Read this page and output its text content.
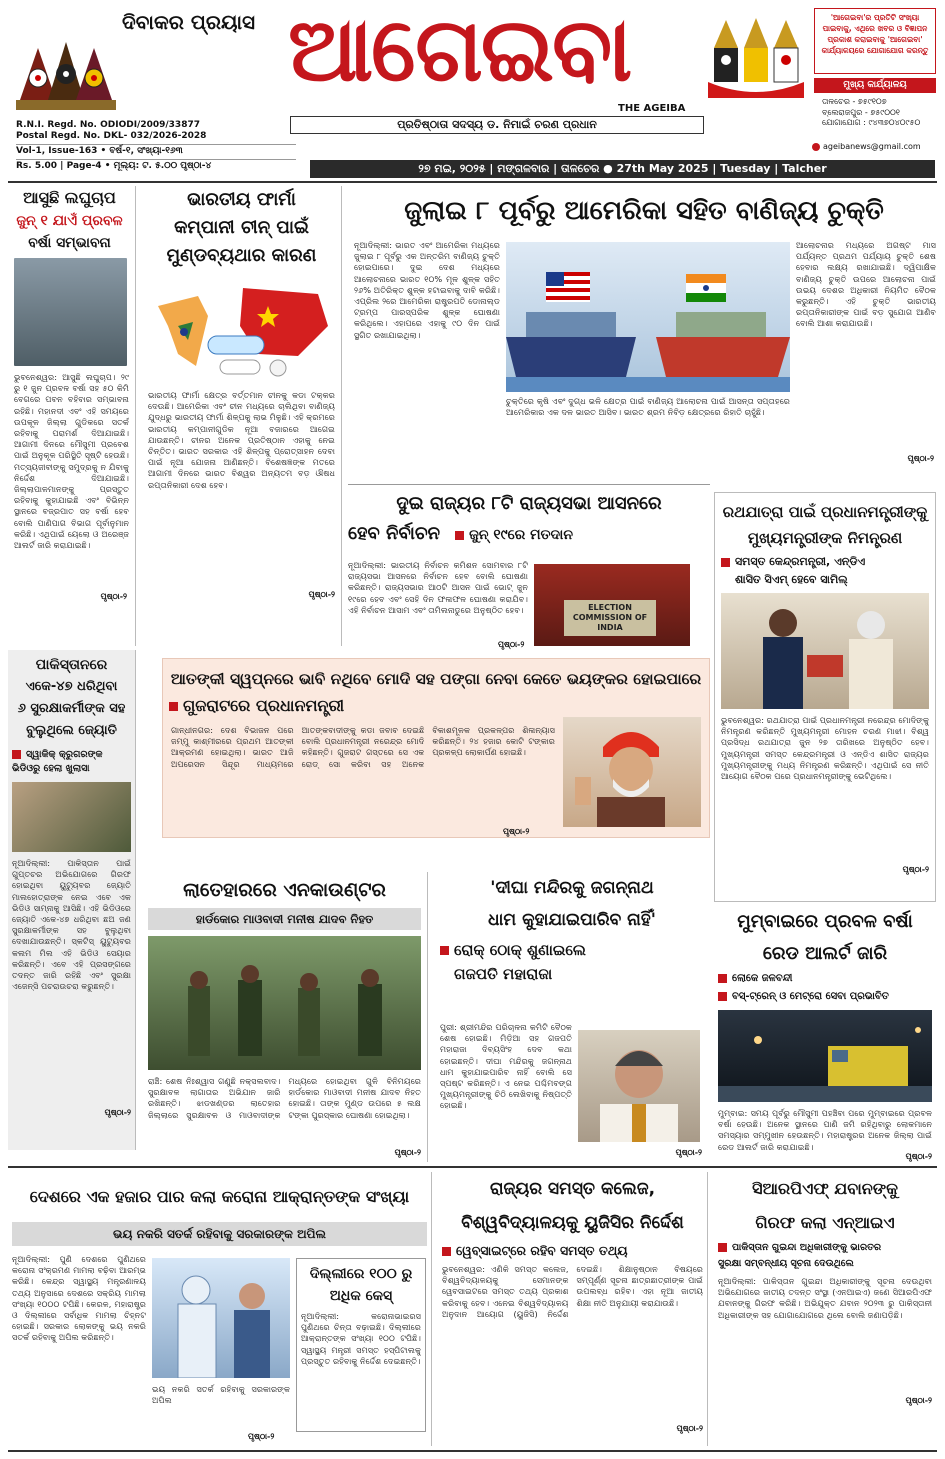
ଦିବାକର ପ୍ରୟାସ ଆଗେଇବା
THE AGEIBA
ପ୍ରତିଷ୍ଠାତା ସଦସ୍ୟ ଡ. ନିମାଇଁ ଚରଣ ପ୍ରଧାନ
'ଆଗେଇବା'ର ପ୍ରତିଟି ସଂଖ୍ୟା ପାଇବାକୁ, ଏଥିରେ ଖବର ଓ ବିଜ୍ଞାପନ ପ୍ରକାଶ କରାଇବାକୁ 'ଆଗେଇବା' କାର୍ଯ୍ୟାଳୟରେ ଯୋଗାଯୋଗ କରନ୍ତୁ
ମୁଖ୍ୟ କାର୍ଯ୍ୟାଳୟ
ତାଳଚେର - ୭୫୯୧୦୭
ବ୍ଲେରାଜପୁର - ୭୫୯୦୦୧
ଯୋଗାଯୋଗ : ୯୪୩୭୦୪୦୯୫୦
ageibanews@gmail.com
R.N.I. Regd. No. ODIODI/2009/33877
Postal Regd. No. DKL- 032/2026-2028
Vol-1, Issue-163 • ବର୍ଷ-୧, ସଂଖ୍ୟା-୧୬୩
Rs. 5.00 | Page-4 • ମୂଲ୍ୟ: ଟ. ୫.୦୦ ପୃଷ୍ଠା-୪	୨୭ ମଇ, ୨୦୨୫ | ମଙ୍ଗଳବାର | ତାଳଚେର ● 27th May 2025 | Tuesday | Talcher
ଆସୁଛି ଲଘୁଚାପ
ଜୁନ୍ ୧ ଯାଏଁ ପ୍ରବଳ
ବର୍ଷା ସମ୍ଭାବନା
ଭୁବନେଶ୍ୱର: ଆସୁଛି ଲଘୁଚାପ। ୨୯ ରୁ ୧ ଜୁନ ପ୍ରବଳ ବର୍ଷା ସହ ୫୦ କିମି ବେଗରେ ପବନ ବହିବାର ସମ୍ଭାବନା ରହିଛି। ମହାନଦୀ ଏବଂ ଏହି ସମୟରେ ଉପକୂଳ ଜିଲ୍ଲା ଗୁଡିକରେ ସତର୍କ ରହିବାକୁ ପରାମର୍ଶ ଦିଆଯାଇଛି। ଆଗାମୀ ଦିନରେ ମୌସୁମୀ ପ୍ରବେଶ ପାଇଁ ଅନୁକୂଳ ପରିସ୍ଥିତି ସୃଷ୍ଟି ହେଉଛି। ମତ୍ସ୍ୟଜୀବୀଙ୍କୁ ସମୁଦ୍ରକୁ ନ ଯିବାକୁ ନିର୍ଦ୍ଦେଶ ଦିଆଯାଇଛି। ଜିଲ୍ଲାପାଳମାନଙ୍କୁ ପ୍ରସ୍ତୁତ ରହିବାକୁ କୁହାଯାଇଛି ଏବଂ ବିଭିନ୍ନ ସ୍ଥାନରେ ବଜ୍ରପାତ ସହ ବର୍ଷା ହେବ ବୋଲି ପାଣିପାଗ ବିଭାଗ ପୂର୍ବାନୁମାନ କରିଛି। ଏଥିପାଇଁ ୟେଲୋ ଓ ଅରେଞ୍ଜ ଆଲର୍ଟ ଜାରି କରାଯାଇଛି।
ପୃଷ୍ଠା-୨
ପାକିସ୍ତାନରେ
ଏକେ-୪୭ ଧରିଥିବା
୬ ସୁରକ୍ଷାକର୍ମୀଙ୍କ ସହ
ବୁଲୁଥିଲେ ଜ୍ୟୋତି
ସ୍ୱାକିକ୍ କ୍ରୁଗରଙ୍କ ଭିଡିଓରୁ ହେଲା ଖୁଲାସା
ନୂଆଦିଲ୍ଲୀ: ପାକିସ୍ତାନ ପାଇଁ ଗୁପ୍ତଚର ଅଭିଯୋଗରେ ଗିରଫ ହୋଇଥିବା ୟୁଟ୍ୟୁବର ଜ୍ୟୋତି ମାଲହୋତ୍ରାଙ୍କ ନେଇ ଏବେ ଏକ ଭିଡିଓ ସାମ୍ନାକୁ ଆସିଛି। ଏହି ଭିଡିଓରେ ଜ୍ୟୋତି ଏକେ-୪୭ ଧରିଥିବା ଛଅ ଜଣ ସୁରକ୍ଷାକର୍ମୀଙ୍କ ସହ ବୁଲୁଥିବା ଦେଖାଯାଉଛନ୍ତି। ସ୍କଟିସ୍ ୟୁଟ୍ୟୁବର କଲମ ମିଲ ଏହି ଭିଡିଓ ସେୟାର କରିଛନ୍ତି। ଏବେ ଏହି ପ୍ରସଙ୍ଗରେ ତଦନ୍ତ ଜାରି ରହିଛି ଏବଂ ସୁରକ୍ଷା ଏଜେନ୍ସି ପଚରାଉଚରା କରୁଛନ୍ତି।
ପୃଷ୍ଠା-୨
ଭାରତୀୟ ଫାର୍ମା
କମ୍ପାନୀ ଚୀନ୍ ପାଇଁ
ମୁଣ୍ଡବ୍ୟଥାର କାରଣ
ଭାରତୀୟ ଫାର୍ମା କ୍ଷେତ୍ର ବର୍ତ୍ତମାନ ଚୀନକୁ କଡା ଟକ୍କର ଦେଉଛି। ଆମେରିକା ଏବଂ ଚୀନ ମଧ୍ୟରେ ଚାଲିଥିବା ବାଣିଜ୍ୟ ଯୁଦ୍ଧରୁ ଭାରତୀୟ ଫାର୍ମା ଶିଳ୍ପକୁ ଲାଭ ମିଳୁଛି। ଏହି କ୍ରମରେ ଭାରତୀୟ କମ୍ପାନୀଗୁଡିକ ନୂଆ ବଜାରରେ ଆଗେଇ ଯାଉଛନ୍ତି। ଚୀନର ଅନେକ ପ୍ରତିଷ୍ଠାନ ଏହାକୁ ନେଇ ଚିନ୍ତିତ। ଭାରତ ସରକାର ଏହି ଶିଳ୍ପକୁ ପ୍ରୋତ୍ସାହନ ଦେବା ପାଇଁ ନୂଆ ଯୋଜନା ଆଣିଛନ୍ତି। ବିଶେଷଜ୍ଞଙ୍କ ମତରେ ଆଗାମୀ ଦିନରେ ଭାରତ ବିଶ୍ୱର ଅନ୍ୟତମ ବଡ଼ ଔଷଧ ରପ୍ତାନିକାରୀ ଦେଶ ହେବ।
ପୃଷ୍ଠା-୨
ଜୁଲାଇ ୮ ପୂର୍ବରୁ ଆମେରିକା ସହିତ ବାଣିଜ୍ୟ ଚୁକ୍ତି
ନୂଆଦିଲ୍ଲୀ: ଭାରତ ଏବଂ ଆମେରିକା ମଧ୍ୟରେ ଜୁଲାଇ ୮ ପୂର୍ବରୁ ଏକ ଅନ୍ତରିମ ବାଣିଜ୍ୟ ଚୁକ୍ତି ହୋଇପାରେ। ଦୁଇ ଦେଶ ମଧ୍ୟରେ ଆଲୋଚନାରେ ଭାରତ ୧୦% ମୂଳ ଶୁଳ୍କ ସହିତ ୨୬% ଅତିରିକ୍ତ ଶୁଳ୍କ ହଟାଇବାକୁ ଦାବି କରିଛି। ଏପ୍ରିଲ ୨ରେ ଆମେରିକା ରାଷ୍ଟ୍ରପତି ଡୋନାଲ୍ଡ ଟ୍ରମ୍ପ ପାରସ୍ପରିକ ଶୁଳ୍କ ଘୋଷଣା କରିଥିଲେ। ଏହାପରେ ଏହାକୁ ୯୦ ଦିନ ପାଇଁ ସ୍ଥଗିତ ରଖାଯାଇଥିଲା।
ଚୁକ୍ତିରେ କୃଷି ଏବଂ ଦୁଗ୍ଧ ଭଳି କ୍ଷେତ୍ର ପାଇଁ ବାଣିଜ୍ୟ ଆଲୋଚନା ପାଇଁ ଆସନ୍ତା ସପ୍ତାହରେ ଆମେରିକାର ଏକ ଦଳ ଭାରତ ଆସିବ। ଭାରତ ଶ୍ରମ ନିବିଡ଼ କ୍ଷେତ୍ରରେ ରିହାତି ଚାହୁଁଛି।
ଆଲୋଚନାର ମଧ୍ୟରେ ଅଗଷ୍ଟ ମାସ ପର୍ଯ୍ୟନ୍ତ ପ୍ରଥମ ପର୍ଯ୍ୟାୟ ଚୁକ୍ତି ଶେଷ ହେବାର ଲକ୍ଷ୍ୟ ରଖାଯାଇଛି। ଦ୍ୱିପାକ୍ଷିକ ବାଣିଜ୍ୟ ଚୁକ୍ତି ଉପରେ ଆଲୋଚନା ପାଇଁ ଉଭୟ ଦେଶର ଅଧିକାରୀ ନିୟମିତ ବୈଠକ କରୁଛନ୍ତି। ଏହି ଚୁକ୍ତି ଭାରତୀୟ ରପ୍ତାନିକାରୀଙ୍କ ପାଇଁ ବଡ଼ ସୁଯୋଗ ଆଣିବ ବୋଲି ଆଶା କରାଯାଉଛି।
ପୃଷ୍ଠା-୨
ଦୁଇ ରାଜ୍ୟର ୮ଟି ରାଜ୍ୟସଭା ଆସନରେ
ହେବ ନିର୍ବାଚନ ଜୁନ୍ ୧୯ରେ ମତଦାନ
ନୂଆଦିଲ୍ଲୀ: ଭାରତୀୟ ନିର୍ବାଚନ କମିଶନ ସୋମବାର ୮ଟି ରାଜ୍ୟସଭା ଆସନରେ ନିର୍ବାଚନ ହେବ ବୋଲି ଘୋଷଣା କରିଛନ୍ତି। ରାଜ୍ୟସଭାର ଆଠଟି ଆସନ ପାଇଁ ଭୋଟ୍ ଜୁନ ୧୯ରେ ହେବ ଏବଂ ସେହି ଦିନ ଫଳାଫଳ ଘୋଷଣା କରାଯିବ। ଏହି ନିର୍ବାଚନ ଆସାମ ଏବଂ ତାମିଲନାଡୁରେ ଅନୁଷ୍ଠିତ ହେବ।	ELECTION COMMISSION OF INDIA
ପୃଷ୍ଠା-୨
ରଥଯାତ୍ରା ପାଇଁ ପ୍ରଧାନମନ୍ତ୍ରୀଙ୍କୁ
ମୁଖ୍ୟମନ୍ତ୍ରୀଙ୍କ ନିମନ୍ତ୍ରଣ
ସମସ୍ତ କେନ୍ଦ୍ରମନ୍ତ୍ରୀ, ଏନ୍‌ଡିଏ
ଶାସିତ ସିଏମ୍ ହେବେ ସାମିଲ୍
ଭୁବନେଶ୍ୱର: ରଥଯାତ୍ରା ପାଇଁ ପ୍ରଧାନମନ୍ତ୍ରୀ ନରେନ୍ଦ୍ର ମୋଦିଙ୍କୁ ନିମନ୍ତ୍ରଣ କରିଛନ୍ତି ମୁଖ୍ୟମନ୍ତ୍ରୀ ମୋହନ ଚରଣ ମାଝୀ। ବିଶ୍ୱ ପ୍ରସିଦ୍ଧ ରଥଯାତ୍ରା ଜୁନ ୨୭ ତାରିଖରେ ଅନୁଷ୍ଠିତ ହେବ। ମୁଖ୍ୟମନ୍ତ୍ରୀ ସମସ୍ତ କେନ୍ଦ୍ରମନ୍ତ୍ରୀ ଓ ଏନ୍‌ଡିଏ ଶାସିତ ରାଜ୍ୟର ମୁଖ୍ୟମନ୍ତ୍ରୀଙ୍କୁ ମଧ୍ୟ ନିମନ୍ତ୍ରଣ କରିଛନ୍ତି। ଏଥିପାଇଁ ସେ ନୀତି ଆୟୋଗ ବୈଠକ ପରେ ପ୍ରଧାନମନ୍ତ୍ରୀଙ୍କୁ ଭେଟିଥିଲେ।
ପୃଷ୍ଠା-୨
ଆତଙ୍କୀ ସ୍ୱପ୍ନରେ ଭାବି ନଥିବେ ମୋଦି ସହ ପଙ୍ଗା ନେବା କେତେ ଭୟଙ୍କର ହୋଇପାରେ
ଗୁଜରାଟରେ ପ୍ରଧାନମନ୍ତ୍ରୀ
ଗାନ୍ଧୀନଗର: ଦେଶ ବିଭାଜନ ପରେ ଜମ୍ମୁ କାଶ୍ମୀରରେ ପ୍ରଥମ ଆତଙ୍କୀ ଆକ୍ରମଣ ହୋଇଥିଲା। ଭାରତ ଆଜି ଅପରେସନ ସିନ୍ଦୂର ମାଧ୍ୟମରେ ଆତଙ୍କବାଦୀଙ୍କୁ କଡା ଜବାବ ଦେଇଛି ବୋଲି ପ୍ରଧାନମନ୍ତ୍ରୀ ନରେନ୍ଦ୍ର ମୋଦି କହିଛନ୍ତି। ଗୁଜରାଟ ଗସ୍ତରେ ସେ ଏକ ରୋଡ୍ ସୋ କରିବା ସହ ଅନେକ ବିକାଶମୂଳକ ପ୍ରକଳ୍ପର ଶିଳାନ୍ୟାସ କରିଛନ୍ତି। ୨୪ ହଜାର କୋଟି ଟଙ୍କାର ପ୍ରକଳ୍ପ ଲୋକାର୍ପଣ ହୋଇଛି।
ପୃଷ୍ଠା-୨
ଲାତେହାରରେ ଏନକାଉଣ୍ଟର
ହାର୍ଡକୋର ମାଓବାଦୀ ମନୀଷ ଯାଦବ ନିହତ
ରାଞ୍ଚି: ଶେଷ ନିଃଶ୍ୱାସ ଗଣୁଛି ନକ୍ସଲବାଦ। ସୁରକ୍ଷାବଳ ଲାଗାତାର ଅଭିଯାନ ଜାରି ରଖିଛନ୍ତି। ଝାଡଖଣ୍ଡର ଲାତେହାର ଜିଲ୍ଲାରେ ସୁରକ୍ଷାବଳ ଓ ମାଓବାଦୀଙ୍କ ମଧ୍ୟରେ ହୋଇଥିବା ଗୁଳି ବିନିମୟରେ ହାର୍ଡକୋର ମାଓବାଦୀ ମନୀଷ ଯାଦବ ନିହତ ହୋଇଛି। ତାଙ୍କ ମୁଣ୍ଡ ଉପରେ ୫ ଲକ୍ଷ ଟଙ୍କା ପୁରସ୍କାର ଘୋଷଣା ହୋଇଥିଲା।
ପୃଷ୍ଠା-୨
'ଦୀଘା ମନ୍ଦିରକୁ ଜଗନ୍ନାଥ
ଧାମ କୁହାଯାଇପାରିବ ନାହିଁ'
ରୋକ୍ ଠୋକ୍ ଶୁଣାଇଲେ
ଗଜପତି ମହାରାଜା
ପୁରୀ: ଶ୍ରୀମନ୍ଦିର ପରିଚାଳନା କମିଟି ବୈଠକ ଶେଷ ହୋଇଛି। ମିଡ଼ିଆ ସହ ଗଜପତି ମହାରାଜା ଦିବ୍ୟସିଂହ ଦେବ କଥା ହୋଇଛନ୍ତି। ଦୀଘା ମନ୍ଦିରକୁ ଜଗନ୍ନାଥ ଧାମ କୁହାଯାଇପାରିବ ନାହିଁ ବୋଲି ସେ ସ୍ପଷ୍ଟ କରିଛନ୍ତି। ଏ ନେଇ ପଶ୍ଚିମବଙ୍ଗ ମୁଖ୍ୟମନ୍ତ୍ରୀଙ୍କୁ ଚିଠି ଲେଖିବାକୁ ନିଷ୍ପତ୍ତି ହୋଇଛି।
ପୃଷ୍ଠା-୨
ମୁମ୍ବାଇରେ ପ୍ରବଳ ବର୍ଷା
ରେଡ ଆଲର୍ଟ ଜାରି
ଲୋକେ ଜଳବନ୍ଦୀ
ବସ୍-ଟ୍ରେନ୍ ଓ ମେଟ୍ରୋ ସେବା ପ୍ରଭାବିତ
ମୁମ୍ବାଇ: ସମୟ ପୂର୍ବରୁ ମୌସୁମୀ ପହଞ୍ଚିବା ପରେ ମୁମ୍ବାଇରେ ପ୍ରବଳ ବର୍ଷା ହେଉଛି। ଅନେକ ସ୍ଥାନରେ ପାଣି ଜମି ରହିଥିବାରୁ ଲୋକମାନେ ସମସ୍ୟାର ସମ୍ମୁଖୀନ ହେଉଛନ୍ତି। ମହାରାଷ୍ଟ୍ରର ଅନେକ ଜିଲ୍ଲା ପାଇଁ ରେଡ ଆଲର୍ଟ ଜାରି କରାଯାଇଛି।
ପୃଷ୍ଠା-୨
ଦେଶରେ ଏକ ହଜାର ପାର କଲା କରୋନା ଆକ୍ରାନ୍ତଙ୍କ ସଂଖ୍ୟା
ଭୟ ନକରି ସତର୍କ ରହିବାକୁ ସରକାରଙ୍କ ଅପିଲ
ନୂଆଦିଲ୍ଲୀ: ପୁଣି ଦେଶରେ ପୁଣିଥରେ କରୋନା ସଂକ୍ରମଣ ମାମଲା ବଢ଼ିବା ଆରମ୍ଭ କରିଛି। କେନ୍ଦ୍ର ସ୍ୱାସ୍ଥ୍ୟ ମନ୍ତ୍ରଣାଳୟ ତଥ୍ୟ ଅନୁସାରେ ଦେଶରେ ସକ୍ରିୟ ମାମଲା ସଂଖ୍ୟା ୧୦୦୦ ଟପିଛି। କେରଳ, ମହାରାଷ୍ଟ୍ର ଓ ଦିଲ୍ଲୀରେ ସର୍ବାଧିକ ମାମଲା ଚିହ୍ନଟ ହୋଇଛି। ସରକାର ଲୋକଙ୍କୁ ଭୟ ନକରି ସତର୍କ ରହିବାକୁ ଅପିଲ କରିଛନ୍ତି।
ଭୟ ନକରି ସତର୍କ ରହିବାକୁ ସରକାରଙ୍କ ଅପିଲ
ଦିଲ୍ଲୀରେ ୧୦୦ ରୁ
ଅଧିକ କେସ୍
ନୂଆଦିଲ୍ଲୀ: କରୋନାଭାଇରସ ପୁଣିଥରେ ଚିନ୍ତା ବଢ଼ାଇଛି। ଦିଲ୍ଲୀରେ ଆକ୍ରାନ୍ତଙ୍କ ସଂଖ୍ୟା ୧୦୦ ଟପିଛି। ସ୍ୱାସ୍ଥ୍ୟ ମନ୍ତ୍ରୀ ସମସ୍ତ ହସ୍ପିଟାଲକୁ ପ୍ରସ୍ତୁତ ରହିବାକୁ ନିର୍ଦ୍ଦେଶ ଦେଇଛନ୍ତି।
ପୃଷ୍ଠା-୨
ରାଜ୍ୟର ସମସ୍ତ କଲେଜ,
ବିଶ୍ୱବିଦ୍ୟାଳୟକୁ ୟୁଜିସିର ନିର୍ଦ୍ଦେଶ
ୱେବ୍‌ସାଇଟ୍‌ରେ ରହିବ ସମସ୍ତ ତଥ୍ୟ
ଭୁବନେଶ୍ୱର: ଏଣିକି ସମସ୍ତ କଲେଜ, ବିଶ୍ୱବିଦ୍ୟାଳୟକୁ ସେମାନଙ୍କ ୱେବସାଇଟରେ ସମସ୍ତ ତଥ୍ୟ ପ୍ରକାଶ କରିବାକୁ ହେବ। ଏନେଇ ବିଶ୍ୱବିଦ୍ୟାଳୟ ଅନୁଦାନ ଆୟୋଗ (ୟୁଜିସି) ନିର୍ଦ୍ଦେଶ ଦେଇଛି। ଶିକ୍ଷାନୁଷ୍ଠାନ ବିଷୟରେ ସମ୍ପୂର୍ଣ୍ଣ ସୂଚନା ଛାତ୍ରଛାତ୍ରୀଙ୍କ ପାଇଁ ଉପଲବ୍ଧ ରହିବ। ଏହା ନୂଆ ଜାତୀୟ ଶିକ୍ଷା ନୀତି ଅନୁଯାୟୀ କରାଯାଉଛି।
ପୃଷ୍ଠା-୨
ସିଆରପିଏଫ୍ ଯବାନଙ୍କୁ
ଗିରଫ କଲା ଏନ୍‌ଆଇଏ
ପାକିସ୍ତାନ ଗୁଇନ୍ଦା ଅଧିକାରୀଙ୍କୁ ଭାରତର
ସୁରକ୍ଷା ସମ୍ବନ୍ଧୀୟ ସୂଚନା ଦେଉଥିଲେ
ନୂଆଦିଲ୍ଲୀ: ପାକିସ୍ତାନ ଗୁଇନ୍ଦା ଅଧିକାରୀଙ୍କୁ ସୂଚନା ଦେଉଥିବା ଅଭିଯୋଗରେ ଜାତୀୟ ତଦନ୍ତ ସଂସ୍ଥା (ଏନଆଇଏ) ଜଣେ ସିଆରପିଏଫ ଯବାନଙ୍କୁ ଗିରଫ କରିଛି। ଅଭିଯୁକ୍ତ ଯବାନ ୨୦୨୩ ରୁ ପାକିସ୍ତାନୀ ଅଧିକାରୀଙ୍କ ସହ ଯୋଗାଯୋଗରେ ଥିଲେ ବୋଲି ଜଣାପଡ଼ିଛି।
ପୃଷ୍ଠା-୨
